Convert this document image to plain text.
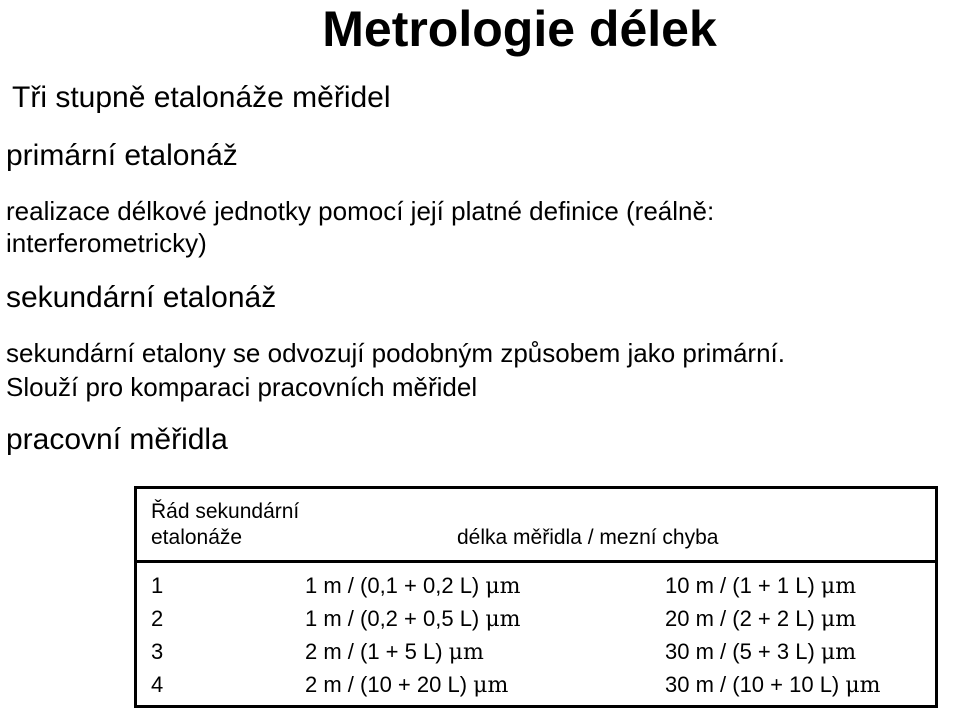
Metrologie délek
Tři stupně etalonáže měřidel
primární etalonáž
realizace délkové jednotky pomocí její platné definice (reálně:
interferometricky)
sekundární etalonáž
sekundární etalony se odvozují podobným způsobem jako primární.
Slouží pro komparaci pracovních měřidel
pracovní měřidla
Řád sekundární
etalonáže	délka měřidla / mezní chyba
1	1 m / (0,1 + 0,2 L) μm	10 m / (1 + 1 L) μm
2	1 m / (0,2 + 0,5 L) μm	20 m / (2 + 2 L) μm
3	2 m / (1 + 5 L) μm	30 m / (5 + 3 L) μm
4	2 m / (10 + 20 L) μm	30 m / (10 + 10 L) μm
